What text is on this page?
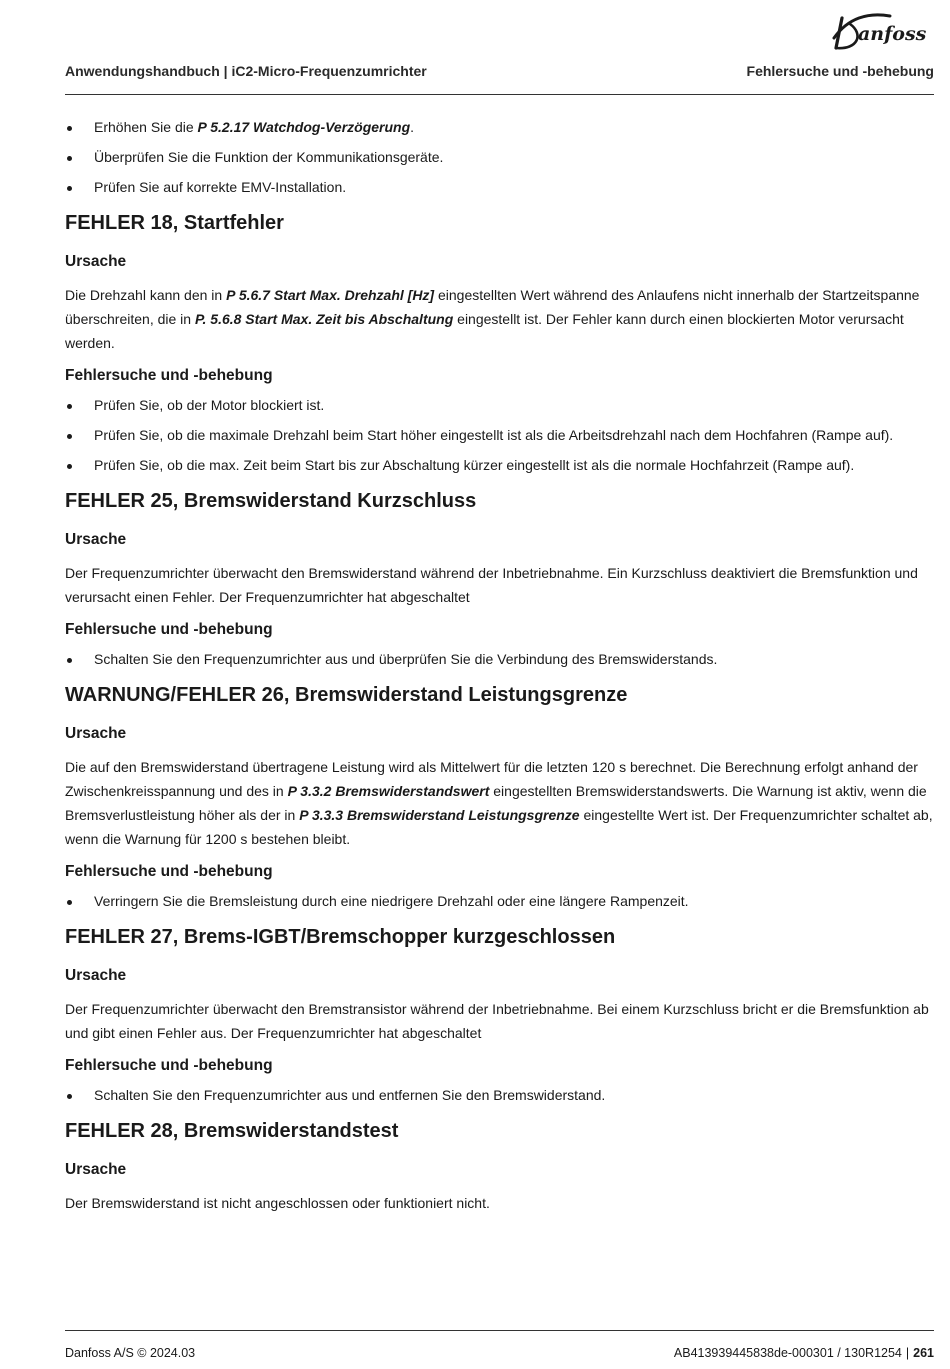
anfoss
Anwendungshandbuch | iC2-Micro-Frequenzumrichter	Fehlersuche und -behebung
Erhöhen Sie die P 5.2.17 Watchdog-Verzögerung.
Überprüfen Sie die Funktion der Kommunikationsgeräte.
Prüfen Sie auf korrekte EMV-Installation.
FEHLER 18, Startfehler
Ursache

Die Drehzahl kann den in P 5.6.7 Start Max. Drehzahl [Hz] eingestellten Wert während des Anlaufens nicht innerhalb der Startzeitspanne überschreiten, die in P. 5.6.8 Start Max. Zeit bis Abschaltung eingestellt ist. Der Fehler kann durch einen blockierten Motor verursacht werden.

Fehlersuche und -behebung
Prüfen Sie, ob der Motor blockiert ist.
Prüfen Sie, ob die maximale Drehzahl beim Start höher eingestellt ist als die Arbeitsdrehzahl nach dem Hochfahren (Rampe auf).
Prüfen Sie, ob die max. Zeit beim Start bis zur Abschaltung kürzer eingestellt ist als die normale Hochfahrzeit (Rampe auf).
FEHLER 25, Bremswiderstand Kurzschluss
Ursache

Der Frequenzumrichter überwacht den Bremswiderstand während der Inbetriebnahme. Ein Kurzschluss deaktiviert die Bremsfunktion und verursacht einen Fehler. Der Frequenzumrichter hat abgeschaltet

Fehlersuche und -behebung
Schalten Sie den Frequenzumrichter aus und überprüfen Sie die Verbindung des Bremswiderstands.
WARNUNG/FEHLER 26, Bremswiderstand Leistungsgrenze
Ursache

Die auf den Bremswiderstand übertragene Leistung wird als Mittelwert für die letzten 120 s berechnet. Die Berechnung erfolgt anhand der Zwischenkreisspannung und des in P 3.3.2 Bremswiderstandswert eingestellten Bremswiderstandswerts. Die Warnung ist aktiv, wenn die Bremsverlustleistung höher als der in P 3.3.3 Bremswiderstand Leistungsgrenze eingestellte Wert ist. Der Frequenzumrichter schaltet ab, wenn die Warnung für 1200 s bestehen bleibt.

Fehlersuche und -behebung
Verringern Sie die Bremsleistung durch eine niedrigere Drehzahl oder eine längere Rampenzeit.
FEHLER 27, Brems-IGBT/Bremschopper kurzgeschlossen
Ursache

Der Frequenzumrichter überwacht den Bremstransistor während der Inbetriebnahme. Bei einem Kurzschluss bricht er die Bremsfunktion ab und gibt einen Fehler aus. Der Frequenzumrichter hat abgeschaltet

Fehlersuche und -behebung
Schalten Sie den Frequenzumrichter aus und entfernen Sie den Bremswiderstand.
FEHLER 28, Bremswiderstandstest
Ursache

Der Bremswiderstand ist nicht angeschlossen oder funktioniert nicht.

Danfoss A/S © 2024.03	AB413939445838de-000301 / 130R1254 | 261
